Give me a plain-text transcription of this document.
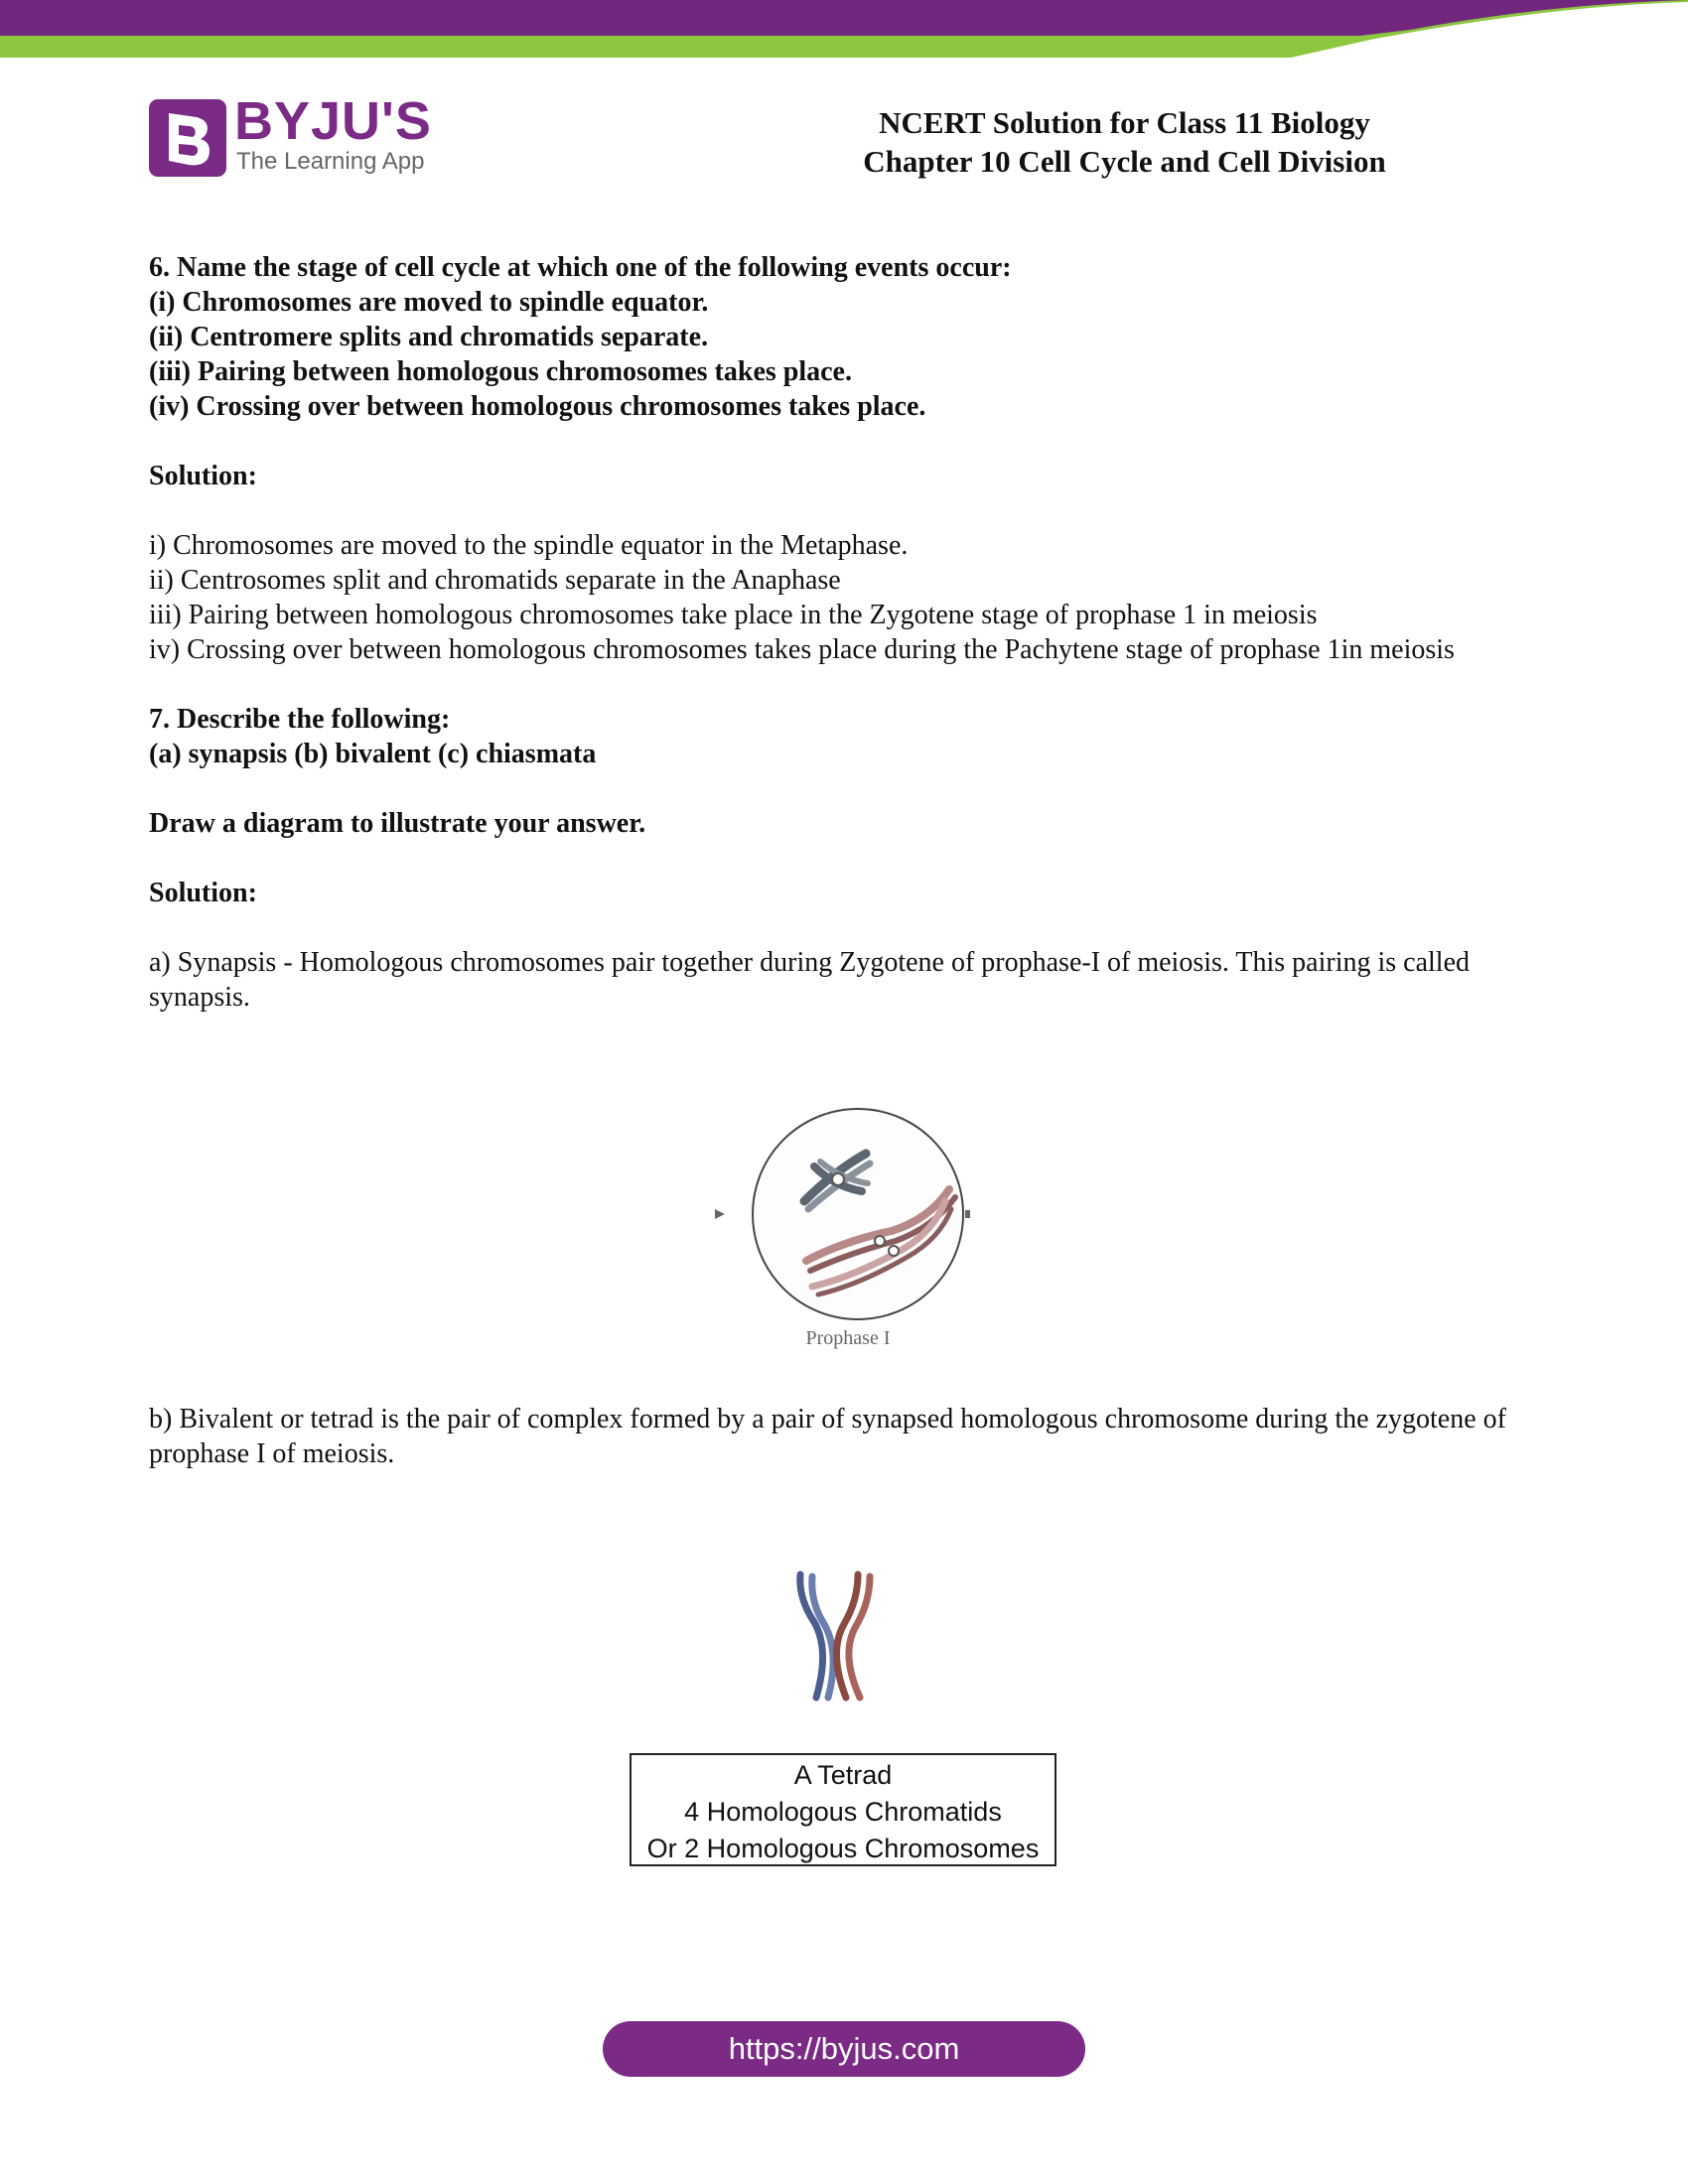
BYJU'S
The Learning App
NCERT Solution for Class 11 Biology
Chapter 10 Cell Cycle and Cell Division

6. Name the stage of cell cycle at which one of the following events occur:

(i) Chromosomes are moved to spindle equator.

(ii) Centromere splits and chromatids separate.

(iii) Pairing between homologous chromosomes takes place.

(iv) Crossing over between homologous chromosomes takes place.

Solution:

i) Chromosomes are moved to the spindle equator in the Metaphase.

ii) Centrosomes split and chromatids separate in the Anaphase

iii) Pairing between homologous chromosomes take place in the Zygotene stage of prophase 1 in meiosis

iv) Crossing over between homologous chromosomes takes place during the Pachytene stage of prophase 1in meiosis

7. Describe the following:

(a) synapsis (b) bivalent (c) chiasmata

Draw a diagram to illustrate your answer.

Solution:

a) Synapsis - Homologous chromosomes pair together during Zygotene of prophase-I of meiosis. This pairing is called synapsis.

b) Bivalent or tetrad is the pair of complex formed by a pair of synapsed homologous chromosome during the zygotene of prophase I of meiosis.

Prophase I
A Tetrad
4 Homologous Chromatids
Or 2 Homologous Chromosomes
https://byjus.com
